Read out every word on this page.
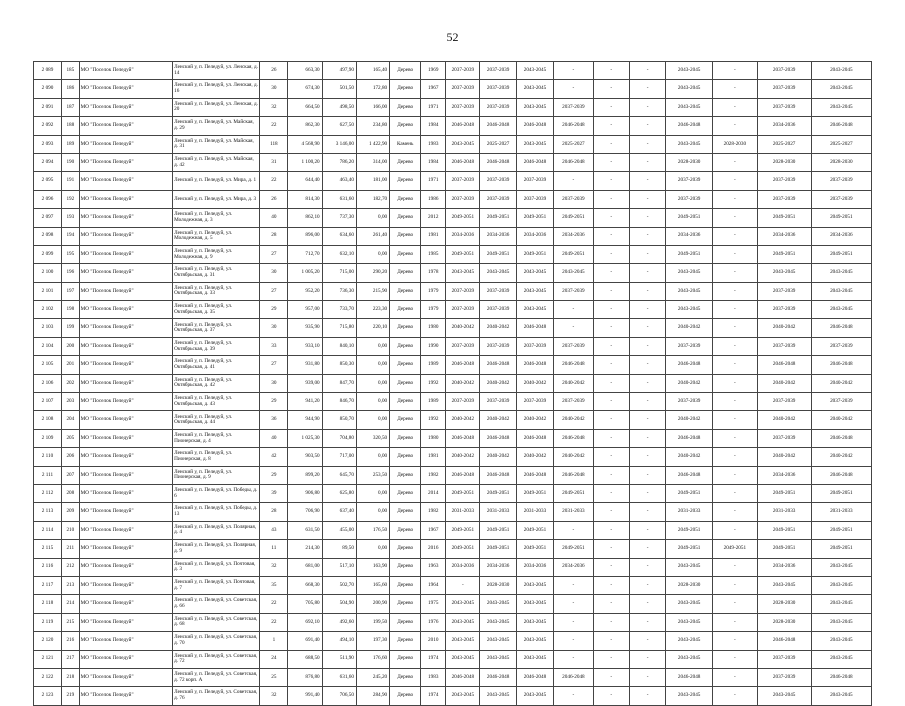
52
2 089	185	МО "Поселок Пеледуй"	Ленский у, п. Пеледуй, ул. Ленская, д. 14	26	663,30	497,90	165,40	Дерево	1969	2037-2039	2037-2039	2043-2045	-	-	-	2043-2045	-	2037-2039	2043-2045
2 090	186	МО "Поселок Пеледуй"	Ленский у, п. Пеледуй, ул. Ленская, д. 16	30	674,30	501,50	172,80	Дерево	1967	2037-2039	2037-2039	2043-2045	-	-	-	2043-2045	-	2037-2039	2043-2045
2 091	187	МО "Поселок Пеледуй"	Ленский у, п. Пеледуй, ул. Ленская, д. 20	32	664,50	498,50	166,00	Дерево	1971	2037-2039	2037-2039	2043-2045	2037-2039	-	-	2043-2045	-	2037-2039	2043-2045
2 092	188	МО "Поселок Пеледуй"	Ленский у, п. Пеледуй, ул. Майская, д. 29	22	862,30	627,50	234,80	Дерево	1984	2046-2048	2046-2048	2046-2048	2046-2048	-	-	2046-2048	-	2034-2036	2046-2048
2 093	189	МО "Поселок Пеледуй"	Ленский у, п. Пеледуй, ул. Майская, д. 31	118	4 568,90	3 146,00	1 422,90	Камень	1983	2043-2045	2025-2027	2043-2045	2025-2027	-	-	2043-2045	2028-2030	2025-2027	2025-2027
2 094	190	МО "Поселок Пеледуй"	Ленский у, п. Пеледуй, ул. Майская, д. 42	31	1 100,20	786,20	314,00	Дерево	1984	2046-2048	2046-2048	2046-2048	2046-2048	-	-	2028-2030	-	2028-2030	2028-2030
2 095	191	МО "Поселок Пеледуй"	Ленский у, п. Пеледуй, ул. Мира, д. 1	22	644,40	463,40	181,00	Дерево	1971	2037-2039	2037-2039	2037-2039	-	-	-	2037-2039	-	2037-2039	2037-2039
2 096	192	МО "Поселок Пеледуй"	Ленский у, п. Пеледуй, ул. Мира, д. 3	26	814,30	631,60	182,70	Дерево	1986	2037-2039	2037-2039	2037-2039	2037-2039	-	-	2037-2039	-	2037-2039	2037-2039
2 097	193	МО "Поселок Пеледуй"	Ленский у, п. Пеледуй, ул. Молодежная, д. 3	40	862,10	737,30	0,00	Дерево	2012	2049-2051	2049-2051	2049-2051	2049-2051	-	-	2049-2051	-	2049-2051	2049-2051
2 098	194	МО "Поселок Пеледуй"	Ленский у, п. Пеледуй, ул. Молодежная, д. 5	28	896,00	634,60	261,40	Дерево	1981	2034-2036	2034-2036	2034-2036	2034-2036	-	-	2034-2036	-	2034-2036	2034-2036
2 099	195	МО "Поселок Пеледуй"	Ленский у, п. Пеледуй, ул. Молодежная, д. 9	27	712,70	632,10	0,00	Дерево	1985	2049-2051	2049-2051	2049-2051	2049-2051	-	-	2049-2051	-	2049-2051	2049-2051
2 100	196	МО "Поселок Пеледуй"	Ленский у, п. Пеледуй, ул. Октябрьская, д. 31	30	1 005,20	715,00	290,20	Дерево	1978	2043-2045	2043-2045	2043-2045	2043-2045	-	-	2043-2045	-	2043-2045	2043-2045
2 101	197	МО "Поселок Пеледуй"	Ленский у, п. Пеледуй, ул. Октябрьская, д. 33	27	952,20	736,30	215,90	Дерево	1979	2037-2039	2037-2039	2043-2045	2037-2039	-	-	2043-2045	-	2037-2039	2043-2045
2 102	198	МО "Поселок Пеледуй"	Ленский у, п. Пеледуй, ул. Октябрьская, д. 35	29	957,00	733,70	223,30	Дерево	1979	2037-2039	2037-2039	2043-2045	-	-	-	2043-2045	-	2037-2039	2043-2045
2 103	199	МО "Поселок Пеледуй"	Ленский у, п. Пеледуй, ул. Октябрьская, д. 37	30	935,90	715,80	220,10	Дерево	1980	2040-2042	2040-2042	2046-2048	-	-	-	2040-2042	-	2040-2042	2046-2048
2 104	200	МО "Поселок Пеледуй"	Ленский у, п. Пеледуй, ул. Октябрьская, д. 39	33	933,10	840,10	0,00	Дерево	1990	2037-2039	2037-2039	2037-2039	2037-2039	-	-	2037-2039	-	2037-2039	2037-2039
2 105	201	МО "Поселок Пеледуй"	Ленский у, п. Пеледуй, ул. Октябрьская, д. 41	27	931,80	850,30	0,00	Дерево	1989	2046-2048	2046-2048	2046-2048	2046-2048	-	-	2046-2048	-	2046-2048	2046-2048
2 106	202	МО "Поселок Пеледуй"	Ленский у, п. Пеледуй, ул. Октябрьская, д. 42	30	939,00	847,70	0,00	Дерево	1992	2040-2042	2040-2042	2040-2042	2040-2042	-	-	2040-2042	-	2040-2042	2040-2042
2 107	203	МО "Поселок Пеледуй"	Ленский у, п. Пеледуй, ул. Октябрьская, д. 43	29	941,20	846,70	0,00	Дерево	1989	2037-2039	2037-2039	2037-2039	2037-2039	-	-	2037-2039	-	2037-2039	2037-2039
2 108	204	МО "Поселок Пеледуй"	Ленский у, п. Пеледуй, ул. Октябрьская, д. 44	36	944,90	850,70	0,00	Дерево	1992	2040-2042	2040-2042	2040-2042	2040-2042	-	-	2040-2042	-	2040-2042	2040-2042
2 109	205	МО "Поселок Пеледуй"	Ленский у, п. Пеледуй, ул. Пионерская, д. 4	40	1 025,30	704,80	320,50	Дерево	1980	2046-2048	2046-2048	2046-2048	2046-2048	-	-	2046-2048	-	2037-2039	2046-2048
2 110	206	МО "Поселок Пеледуй"	Ленский у, п. Пеледуй, ул. Пионерская, д. 8	42	903,50	717,00	0,00	Дерево	1981	2040-2042	2040-2042	2040-2042	2040-2042	-	-	2040-2042	-	2040-2042	2040-2042
2 111	207	МО "Поселок Пеледуй"	Ленский у, п. Пеледуй, ул. Пионерская, д. 9	29	899,20	645,70	253,50	Дерево	1982	2046-2048	2046-2048	2046-2048	2046-2048	-	-	2046-2048	-	2034-2036	2046-2048
2 112	208	МО "Поселок Пеледуй"	Ленский у, п. Пеледуй, ул. Победы, д. 6	39	906,80	625,80	0,00	Дерево	2014	2049-2051	2049-2051	2049-2051	2049-2051	-	-	2049-2051	-	2049-2051	2049-2051
2 113	209	МО "Поселок Пеледуй"	Ленский у, п. Пеледуй, ул. Победы, д. 13	28	706,90	637,40	0,00	Дерево	1982	2031-2033	2031-2033	2031-2033	2031-2033	-	-	2031-2033	-	2031-2033	2031-2033
2 114	210	МО "Поселок Пеледуй"	Ленский у, п. Пеледуй, ул. Полярная, д. 4	43	631,50	455,00	176,50	Дерево	1967	2049-2051	2049-2051	2049-2051	-	-	-	2049-2051	-	2049-2051	2049-2051
2 115	211	МО "Поселок Пеледуй"	Ленский у, п. Пеледуй, ул. Полярная, д. 9	11	214,30	89,50	0,00	Дерево	2016	2049-2051	2049-2051	2049-2051	2049-2051	-	-	2049-2051	2049-2051	2049-2051	2049-2051
2 116	212	МО "Поселок Пеледуй"	Ленский у, п. Пеледуй, ул. Почтовая, д. 3	32	681,00	517,10	163,90	Дерево	1963	2034-2036	2034-2036	2034-2036	2034-2036	-	-	2043-2045	-	2034-2036	2043-2045
2 117	213	МО "Поселок Пеледуй"	Ленский у, п. Пеледуй, ул. Почтовая, д. 7	35	668,30	502,70	165,60	Дерево	1964	-	2028-2030	2043-2045	-	-	-	2028-2030	-	2043-2045	2043-2045
2 118	214	МО "Поселок Пеледуй"	Ленский у, п. Пеледуй, ул. Советская, д. 66	22	705,80	504,90	200,90	Дерево	1975	2043-2045	2043-2045	2043-2045	-	-	-	2043-2045	-	2028-2030	2043-2045
2 119	215	МО "Поселок Пеледуй"	Ленский у, п. Пеледуй, ул. Советская, д. 68	22	692,10	492,60	199,50	Дерево	1976	2043-2045	2043-2045	2043-2045	-	-	-	2043-2045	-	2028-2030	2043-2045
2 120	216	МО "Поселок Пеледуй"	Ленский у, п. Пеледуй, ул. Советская, д. 70	1	691,40	494,10	197,30	Дерево	2010	2043-2045	2043-2045	2043-2045	-	-	-	2043-2045	-	2046-2048	2043-2045
2 121	217	МО "Поселок Пеледуй"	Ленский у, п. Пеледуй, ул. Советская, д. 72	24	688,50	511,90	176,60	Дерево	1974	2043-2045	2043-2045	2043-2045	-	-	-	2043-2045	-	2037-2039	2043-2045
2 122	218	МО "Поселок Пеледуй"	Ленский у, п. Пеледуй, ул. Советская, д. 72 корп. А	25	876,80	631,60	245,20	Дерево	1983	2046-2048	2046-2048	2046-2048	2046-2048	-	-	2046-2048	-	2037-2039	2046-2048
2 123	219	МО "Поселок Пеледуй"	Ленский у, п. Пеледуй, ул. Советская, д. 76	32	991,40	706,50	284,90	Дерево	1974	2043-2045	2043-2045	2043-2045	-	-	-	2043-2045	-	2043-2045	2043-2045
